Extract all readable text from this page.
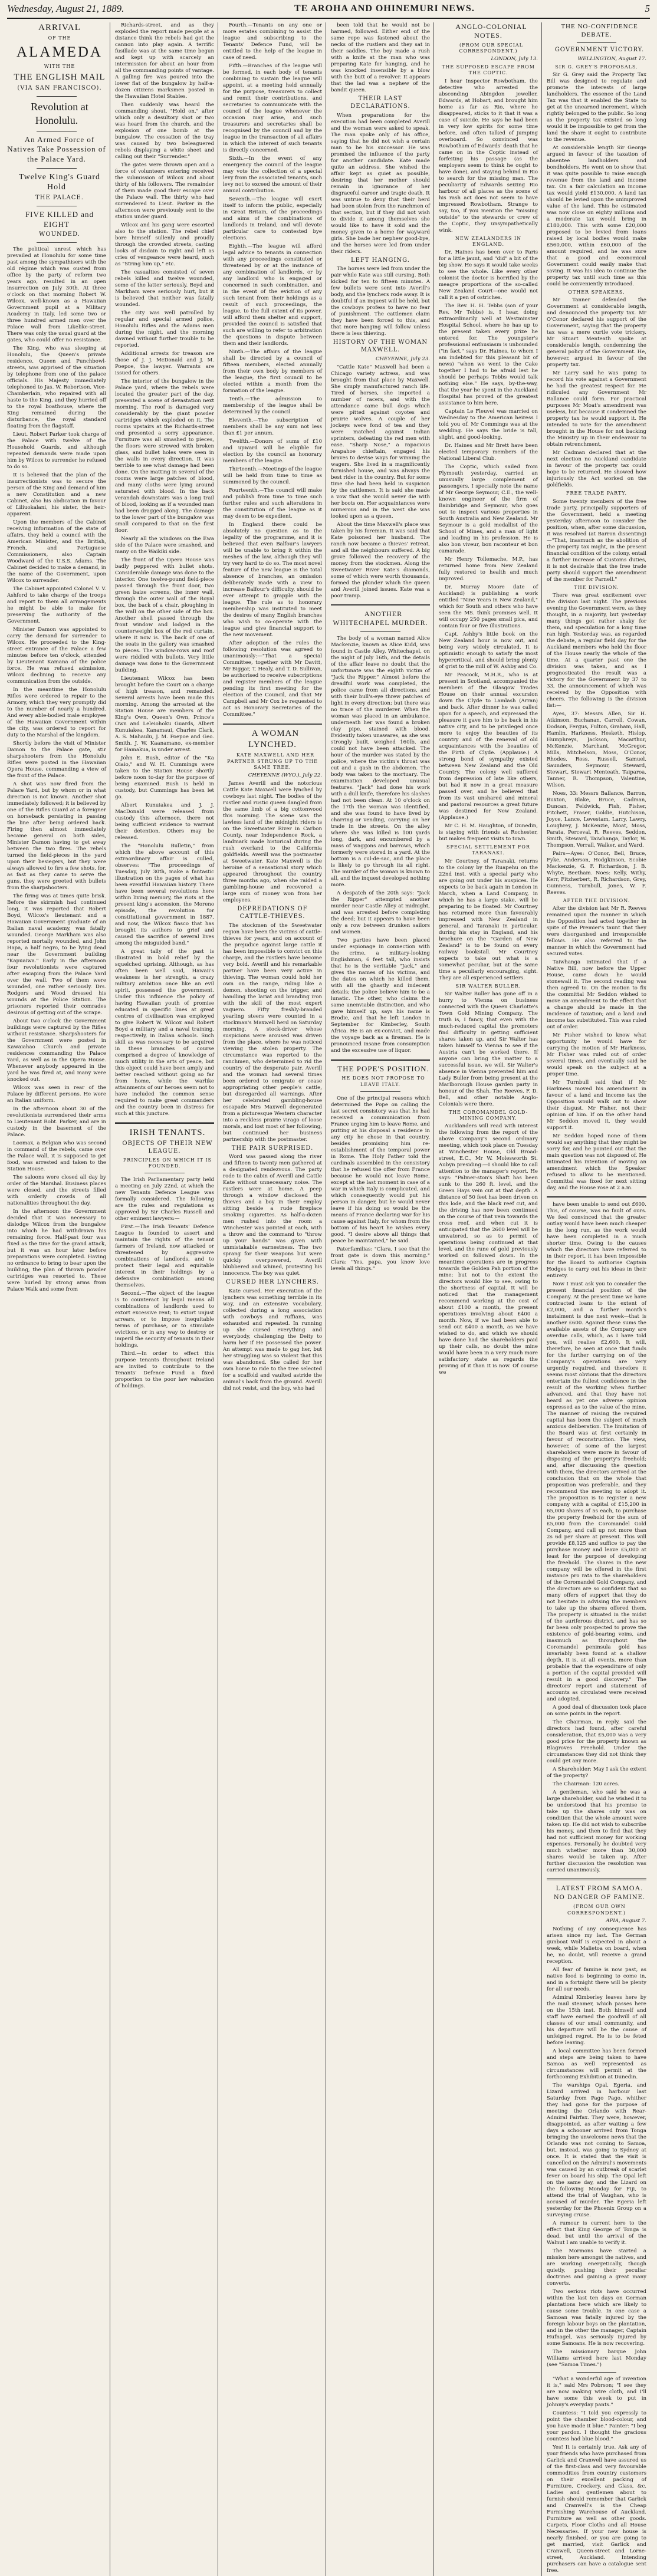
Wednesday, August 21, 1889.	TE AROHA AND OHINEMURI NEWS.	5

ARRIVAL

OF THE

ALAMEDA

WITH THE

THE ENGLISH MAIL

(VIA SAN FRANCISCO).

Revolution at Honolulu.

An Armed Force of Natives Take Possession of the Palace Yard.

Twelve King's Guard Hold

THE PALACE.

FIVE KILLED and EIGHT

WOUNDED.

The political unrest which has prevailed at Honolulu for some time past among the sympathisers with the old régime which was ousted from office by the party of reform two years ago, resulted in an open insurrection on July 30th. At three o'clock on that morning Robert W. Wilcox, well-known as a Hawaiian Government pupil at a Military Academy in Italy, led some two or three hundred armed men over the Palace wall from Likelike-street. There was only the usual guard at the gates, who could offer no resistance.

The King, who was sleeping at Honolulu, the Queen's private residence, Queen and Punchbowl-streets, was apprised of the situation by telephone from one of the palace officials. His Majesty immediately telephoned to Jas. W. Robertson, Vice-Chamberlain, who repaired with all haste to the King, and they hurried off to the royal boathouse, where the King remained during the disturbance, the royal standard floating from the flagstaff.

Lieut. Robert Parker took charge of the Palace with twelve of the Household Guards, and although repeated demands were made upon him by Wilcox to surrender he refused to do so.

It is believed that the plan of the insurrectionists was to secure the person of the King and demand of him a new Constitution and a new Cabinet, also his abdication in favour of Liliuokalani, his sister, the heir-apparent.

Upon the members of the Cabinet receiving information of the state of affairs, they held a council with the American Minister, and the British, French, and Portuguese Commissioners, also Captain Woodward of the U.S.S. Adams. The Cabinet decided to make a demand, in the name of the Government, upon Wilcox to surrender.

The Cabinet appointed Colonel V. V. Ashford to take charge of the troops and report to them all arrangements he might be able to make for preserving the authority of the Government.

Minister Damon was appointed to carry the demand for surrender to Wilcox. He proceeded to the King-street entrance of the Palace a few minutes before ten o'clock, attended by Lieutenant Kamana of the police force. He was refused admission, Wilcox declining to receive any communication from the outside.

In the meantime the Honolulu Rifles were ordered to repair to the Armory, which they very promptly did to the number of nearly a hundred. And every able-bodied male employee of the Hawaiian Government within the city, was ordered to report for duty to the Marshal of the kingdom.

Shortly before the visit of Minister Damon to the Palace gate, stir sharpshooters from the Honolulu Rifles were posted in the Hawaiian Opera House, commanding a view of the front of the Palace.

A shot was now fired from the Palace Yard, but by whom or in what direction is not known. Another shot immediately followed; it is believed by one of the Rifles Guard at a foreigner on horseback persisting in passing the line after being ordered back. Firing then almost immediately became general on both sides, Minister Damon having to get away between the two fires. The rebels turned the field-pieces in the yard upon their besiegers, but they were always allowed to fire a few shots, for, as fast as they came to serve the guns, they were greeted with bullets from the sharpshooters.

The firing was at times quite brisk. Before the skirmish had continued long, it was reported that Robert Boyd, Wilcox's lieutenant and a Hawaiian Government graduate of an Italian naval academy, was fatally wounded. George Markham was also reported mortally wounded, and John Hapa, a half negro, to be lying dead near the Government building "Kapuaiwa." Early in the afternoon four revolutionists were captured after escaping from the Palace Yard over the wall. Two of them were wounded, one rather seriously. Drs. Rodgers and Wood dressed his wounds at the Police Station. The prisoners reported their comrades desirous of getting out of the scrape.

About two o'clock the Government buildings were captured by the Rifles without resistance. Sharpshooters for the Government were posted in Kawaiahao Church and private residences commanding the Palace Yard, as well as in the Opera House. Whenever anybody appeared in the yard he was fired at, and many were knocked out.

Wilcox was seen in rear of the Palace by different persons. He wore an Italian uniform.

In the afternoon about 30 of the revolutionists surrendered their arms to Lieutenant Robt. Parker, and are in custody in the basement of the Palace.

Loomax, a Belgian who was second in command of the rebels, came over the Palace wall, it is supposed to get food, was arrested and taken to the Station House.

The saloons were closed all day by order of the Marshal. Business places were closed, and the streets filled with orderly crowds of all nationalities throughout the day.

In the afternoon the Government decided that it was necessary to dislodge Wilcox from the bungalow into which he had withdrawn his remaining force. Half-past four was fixed as the time for the grand attack, but it was an hour later before preparations were completed. Having no ordnance to bring to bear upon the building, the plan of thrown powder cartridges was resorted to. These were hurled by strong arms from Palace Walk and some from

Richards-street, and as they exploded the report made people at a distance think the rebels had got the cannon into play again. A terrific fusillade was at the same time begun and kept up with scarcely an intermission for about an hour from all the commanding points of vantage. A galling fire was poured into the lower flat of the bungalow by half-a-dozen citizens marksmen posted in the Hawaiian Hotel Stables.

Then suddenly was heard the commanding shout, "Hold on," after which only a desultory shot or two was heard from the church, and the explosion of one bomb at the bungalow. The cessation of the tray was caused by two beleaguered rebels displaying a white sheet and calling out their "Surrender."

The gates were thrown open and a force of volunteers entering received the submission of Wilcox and about thirty of his followers. The remainder of them made good their escape over the Palace wall. The thirty who had surrendered to Lieut. Parker in the afternoon were previously sent to the station under guard.

Wilcox and his gang were escorted also to the station. The rebel chief bore himself sullenly and proudly through the crowded streets, casting looks of disdain to right and left as cries of vengeance were heard, such as "String him up," etc.

The casualties consisted of seven rebels killed and twelve wounded, some of the latter seriously. Boyd and Markham were seriously hurt, but it is believed that neither was fatally wounded.

The city was well patrolled by regular and special armed police, Honolulu Rifles and the Adams men during the night, and the morning dawned without further trouble to be reported.

Additional arrests for treason are those of J. J. McDonald and J. M. Poepoe, the lawyer. Warrants are issued for others.

The interior of the bungalow in the Palace yard, where the rebels were located the greater part of the day, presented a scene of devastation next morning. The roof is damaged very considerably by the giant powder cartridges which exploded on it. The rooms upstairs at the Richards-street end presented a sorry appearance. Furniture was all smashed to pieces, the floors were strewed with broken glass, and bullet holes were seen in the walls in every direction. It was terrible to see what damage had been done. On the matting in several of the rooms were large patches of blood, and many cloths were lying around saturated with blood. In the back verandah downstairs was a long trail of blood, looking as if a wounded man had been dragged along. The damage to the lower part of the bungalow was small compared to that on the first floor.

Nearly all the windows on the Ewa side of the Palace were smashed, and many on the Waikiki side.

The front of the Opera House was badly peppered with bullet shots. Considerable damage was done to the interior. One twelve-pound field-piece passed through the front door, two green baize screens, the inner wall, through the outer wall of the Royal box, the back of a chair, ploughing in the wall on the other side of the box. Another shell passed through the front window and lodged in the counterweight box of the red curtain, where it now is. The back of one of the seats in the gallery was smashed to pieces. The window-rows and roof were riddled with bullets. Very little damage was done to the Government building.

Lieutenant Wilcox has been brought before the Court on a charge of high treason, and remanded. Several arrests have been made this morning. Among the arrested at the Station House are members of the King's Own, Queen's Own, Prince's Own and Leleiohoku Guards, Albert Kunuiakea, Kanamaui, Charles Clark, A. S. Mahaulu, J. M. Poepoe and Geo. Smith. J. W. Kaanamano, ex-member for Hamakua, is under arrest.

John E. Bush, editor of the "Ka Oiaio," and W. H. Cummings were taken to the Station House shortly before noon to-day for the purpose of being examined. Bush is held in custody, but Cummings has been let go.

Albert Kunuiakea and J. J. MacDonald were released from custody this afternoon, there not being sufficient evidence to warrant their detention. Others may be released.

The "Honolulu Bulletin," from which the above account of this extraordinary affair is culled, observes: "The proceedings of Tuesday, July 30th, make a fantastic illustration on the pages of what has been eventful Hawaiian history. There have been several revolutions here within living memory, the riots at the present king's accession, the Moreno episode, the revolution for constitutional government in 1887, and now, the Wilcox fiasco that has brought its authors to grief and caused the sacrifice of several lives among the misguided band."

A great tally of the past is illustrated in bold relief by the squelched uprising. Although, as has often been well said, Hawaii's weakness is her strength, a crazy military ambition once like an evil spirit, possessed the government. Under this influence the policy of having Hawaiian youth of promise educated in specific lines at great centres of civilisation was employed to give Robert W. Wilcox and Robert Boyd a military and a naval training, respectively, in Italian schools. Such skill as was necessary to be acquired in these branches of course comprised a degree of knowledge of much utility in the arts of peace, but this object could have been amply and better reached without going so far from home, while the warlike attainments of our heroes seem not to have included the common sense required to make great commanders and the country been in distress for such at this juncture.

IRISH TENANTS.

OBJECTS OF THEIR NEW LEAGUE.

PRINCIPLES ON WHICH IT IS FOUNDED.

The Irish Parliamentary party held a meeting on July 22nd, at which the new Tenants Defence League was formally considered. The following are the rules and regulations as approved by Sir Charles Russell and other eminent lawyers:—

First.—The Irish Tenants' Defence League is founded to assert and maintain the rights of the tenant farmers of Ireland, now attacked or threatened by aggressive combinations of landlords, and to protect their legal and equitable interest in their holdings by a defensive combination among themselves.

Second.—The object of the league is to counteract by legal means all combinations of landlords used to extort excessive rent; to extort unjust arrears, or to impose inequitable terms of purchase, or to stimulate evictions, or in any way to destroy or imperil the security of tenants in their holdings.

Third.—In order to effect this purpose tenants throughout Ireland are invited to contribute to the Tenants' Defence Fund a fixed proportion to the poor law valuation of holdings.

Fourth.—Tenants on any one or more estates combining to assist the league and subscribing to the Tenants' Defence Fund, will be entitled to the help of the league in case of need.

Fifth.—Branches of the league will be formed, in each body of tenants combining to sustain the league will appoint, at a meeting held annually for the purpose, treasurers to collect and remit their contributions, and secretaries to communicate with the council of the league whenever the occasion may arise, and such treasurers and secretaries shall be recognised by the council and by the league in the transaction of all affairs in which the interest of such tenants is directly concerned.

Sixth.—In the event of any emergency the council of the league may vote the collection of a special levy from the associated tenants, such levy not to exceed the amount of their annual contribution.

Seventh.—The league will exert itself to inform the public, especially in Great Britain, of the proceedings and aims of the combinations of landlords in Ireland, and will devote particular care to contested bye elections.

Eighth.—The league will afford legal advice to tenants in connection with any proceedings constituted or threatened by or at the instance of any combination of landlords, or by any landlord who is engaged or concerned in such combination, and in the event of the eviction of any such tenant from their holdings as a result of such proceedings, the league, to the full extent of its power, will afford them shelter and support, provided the council is satisfied that such are willing to refer to arbitration the questions in dispute between them and their landlords.

Ninth.—The affairs of the league shall be directed by a council of fifteen members, elected annually from their own body by members of the league, the first council to be elected within a month from the formation of the league.

Tenth.—The admission to membership of the league shall be determined by the council.

Eleventh.—The subscription of members shall be any sum not less than £1 per annum.

Twelfth.—Donors of sums of £10 and upward will be eligible for election by the council as honorary members of the league.

Thirteenth.—Meetings of the league will be held from time to time as summoned by the council.

Fourteenth.—The council will make and publish from time to time such further rules and such alterations in the constitution of the league as it may deem to be expedient.

In England there could be absolutely no question as to the legality of the programme, and it is believed that even Balfour's lawyers will be unable to bring it within the meshes of the law, although they will try very hard to do so. The most novel feature of the new league is the total absence of branches, an omission deliberately made with a view to increase Balfour's difficulty, should he ever attempt to grapple with the league. The rule as to honorary membership was instituted to meet the desires of many English branches who wish to co-operate with the league and give financial support to the new movement.

After adoption of the rules the following resolution was agreed to unanimously:—"That a special Committee, together with Mr Davitt, Mr Biggar, T. Healy, and T. D. Sullivan, be authorised to receive subscriptions and register members of the league pending its first meeting for the election of the Council, and that Mr Campbell and Mr Cox be requested to act as Honorary Secretaries of the Committee."

A WOMAN LYNCHED.

KATE MAXWELL AND HER PARTNER STRUNG UP TO THE SAME TREE.

CHEYENNE (WYO.), July 22.

James Averill and the notorious Cattle Kate Maxwell were lynched by cowboys last night. The bodies of the rustler and rustic queen dangled from the same limb of a big cottonwood this morning. The scene was the lawless land of the midnight riders is on the Sweetwater River in Carbon County, near Independence Rock, a landmark made historical during the rush overland to the California goldfields. Averill was the postmaster at Sweetwater. Kate Maxwell is the heroine of a sensational story which appeared throughout the country three months ago, when she raided a gambling-house and recovered a large sum of money won from her employees.

DEPREDATIONS OF CATTLE-THIEVES.

The stockmen of the Sweetwater region have been the victims of cattle-thieves for years, and on account of the prejudice against large cattle it has been impossible to convict on this charge, and the rustlers have become very bold. Averill and his remarkable partner have been very active in thieving. The woman could hold her own on the range, riding like a demon, shooting on the trigger, and handling the lariat and branding iron with the skill of the most expert vaquero. Fifty freshly-branded yearling steers were counted in a stockman's Maxwell herd on Saturday morning. A stock-driver whose suspicions were aroused was driven from the place, where he was noticed viewing the stolen property. The circumstance was reported to the ranchmen, who determined to rid the country of the desperate pair. Averill and the woman had several times been ordered to emigrate or cease appropriating other people's cattle, but disregarded all warnings. After her celebrated gambling-house escapade Mrs Maxwell degenerated from a picturesque Western character into a reckless prairie virago of loose morals, and lost most of her following, but continued her business partnership with the postmaster.

THE PAIR SURPRISED.

Word was passed along the river and fifteen to twenty men gathered at a designated rendezvous. The party rode to the cabin of Averill and Cattle Kate without unnecessary noise. The rustlers were at home. A peep through a window disclosed the thieves and a boy in their employ sitting beside a rude fireplace smoking cigarettes. As half-a-dozen men rushed into the room a Winchester was pointed at each, with a throw and the command to "throw up your hands" was given with unmistakable earnestness. The two sprang for their weapons but were quickly overpowered, Averill blubbered and whined, protesting his innocence. The boy was quiet.

CURSED HER LYNCHERS.

Kate cursed. Her execration of the lynchers was something terrible in its way, and an extensive vocabulary, collected during a long association with cowboys and ruffians, was exhausted and repeated. In running up she cursed everything and everybody, challenging the Deity to harm her if He possessed the power. An attempt was made to gag her, but her struggling was so violent that this was abandoned. She called for her own horse to ride to the tree selected for a scaffold and vaulted astride the animal's back from the ground. Averill did not resist, and the boy, who had

been told that he would not be harmed, followed. Either end of the same rope was fastened about the necks of the rustlers and they sat in their saddles. The boy made a rush with a knife at the man who was preparing Kate for hanging, and he was knocked insensible by a blow with the butt of a revolver. It appears that the lad was a nephew of the bandit queen.

THEIR LAST DECLARATIONS.

When preparations for the execution had been completed Averill and the woman were asked to speak. The man spoke only of his office, saying that he did not wish a certain man to be his successor. He was promised the influence of the party for another candidate. Kate made quite an address. She wished the affair kept as quiet as possible, desiring that her mother should remain in ignorance of her disgraceful career and tragic death. It was untrue to deny that their herd had been stolen from the ranchmen of that section, but if they did not wish to divide it among themselves she would like to have it sold and the money given to a home for wayward girls. She bade her nephew good-bye, and the horses were led from under their riders.

LEFT HANGING.

The horses were led from under the pair while Kate was still cursing. Both kicked for ten to fifteen minutes. A few bullets were sent into Averill's body, and the lynchers rode away. It is doubtful if an inquest will be held, but the cowboys profess to have no fear of punishment. The cattlemen claim they have been forced to this, and that more hanging will follow unless there is less thieving.

HISTORY OF THE WOMAN MAXWELL.

CHEYENNE, July 23.

"Cattle Kate" Maxwell had been a Chicago variety actress, and was brought from that place by Maxwell. She simply manufactured ranch life. Tired of horses, she imported a number of racers, and with the attendance came bull dogs which were pitted against coyotes and prairie wolves. A couple of her jockeys were fond of tea and they were matched against Indian sprinters, defeating the red men with ease. "Sharp Nose," a rapacious Arapahoe chieftain, engaged his braves to devise ways for winning the wagers. She lived in a magnificently furnished house, and was always the best rider in the country. But for some time she had been held in suspicion by the cattlemen. It is said she made a vow that she would never die with her boots on. Her acquaintances were numerous and in the west she was looked upon as a queen.

About the time Maxwell's place was taken by his foreman. It was said that Kate poisoned her husband. The ranch now became a thieves' retreat, and all the neighbours suffered. A big grove followed the recovery of the money from the stockmen. Along the Sweetwater River Kate's diamonds, some of which were worth thousands, formed the plunder which the queen and Averill joined issues. Kate was a poor tramp.

ANOTHER WHITECHAPEL MURDER.

The body of a woman named Alice Mackenzie, known as Alice Kidd, was found in Castle Alley, Whitechapel, on the night of July 16th, and the details of the affair leave no doubt that the unfortunate was the eighth victim of "Jack the Ripper." Almost before the dreadful work was completed, the police came from all directions, and with their bull's-eye threw patches of light in every direction; but there was no trace of the murderer. When the woman was placed in an ambulance, underneath her was found a broken clay pipe, stained with blood. Evidently taken unawares, as she was strongly built, weighed 160lb, and could not have been attacked. The hour of the murder was stated by the police, where the victim's throat was cut and a gash in the abdomen. The body was taken to the mortuary. The examination developed unusual features. "Jack" had done his work with a dull knife, therefore his slashes had not been clean. At 10 o'clock on the 17th the woman was identified, and she was found to have lived by charring or vending, carrying on her trade in the streets. On the alley where she was killed is 100 yards long, dark, and encumbered by a mass of waggons and barrows, which formerly were stored in a yard. At the bottom is a cul-de-sac, and the place is likely to go through its all right. The murder of the woman is known to all, and the inquest developed nothing more.

A despatch of the 20th says: "Jack the Ripper" attempted another murder near Castle Alley at midnight, and was arrested before completing the deed; but it appears to have been only a row between drunken sailors and women.

Two parties have been placed under espionage in connection with the crime, a military-looking Englishman, 6 feet tall, who insists that he is the veritable "Jack," and gives the names of his victims, and the dates on which he killed them, with all the ghastly and indecent details; the police believe him to be a lunatic. The other, who claims the same unenviable distinction, and who gave himself up, says his name is Brodie, and that he left London in September for Kimberley, South Africa. He is an ex-convict, and made the voyage back as a fireman. He is pronounced insane from consumption and the excessive use of liquor.

THE POPE'S POSITION.

HE DOES NOT PROPOSE TO LEAVE ITALY.

One of the principal reasons which determined the Pope on calling the last secret consistory was that he had received a communication from France urging him to leave Rome, and putting at his disposal a residence in any city he chose in that country, besides promising him re-establishment of the temporal power in Rome. The Holy Father told the cardinals assembled in the consistory that he refused the offer from France because he would not leave Rome, except at the last moment in case of a war in which Italy is complicated, and which consequently would put his person in danger, but he would never leave if his doing so would be the means of France declaring war for his cause against Italy, for whom from the bottom of his heart he wishes every good. "I desire above all things that peace be maintained," he said.

Paterfamilias: "Clara, I see that the front gate is down this morning." Clara: "Yes, papa, you know love levels all things."

ANGLO-COLONIAL NOTES.

(FROM OUR SPECIAL CORRESPONDENT.)

LONDON, July 13.

THE SUPPOSED ESCAPE FROM THE COPTIC.

I hear Inspector Rowbotham, the detective who arrested the absconding Abingdon jeweller, Edwards, at Hobart, and brought him home as far as Rio, where he disappeared, sticks to it that it was a case of suicide. He says he had been in very low spirits for some time before, and often talked of jumping overboard. So convinced was Rowbotham of Edwards' death that he came on in the Coptic instead of forfeiting his passage (as the employers seem to think he ought to have done), and staying behind in Rio to search for the missing man. The peculiarity of Edwards seizing Rio harbour of all places as the scene of his rash act does not seem to have impressed Rowbotham. Strange to say, too, if you mention the "missing outside" to the stewards or crew of the Coptic, they unsympathetically wink.

NEW ZEALANDERS IN ENGLAND.

Dr. Haines has been over to Paris for a little jaunt, and "did" a bit of the big show. He says it would take weeks to see the whole. Like every other colonist the doctor is horrified by the meagre proportions of the so-called New Zealand Court—one would not call it a pen of ostriches.

The Rev. H. H. Tebbs (son of your Rev. Mr Tebbs) is, I hear, doing extraordinarily well at Westminster Hospital School, where he has up to the present taken every prize he entered for. The youngster's professional enthusiasm is unbounded ("in fact," says Dr. Haines, to whom I am indebted for this pleasant bit of news) "when we went to the Cake together I had to be afraid lest he should be perhaps Tebbs would talk nothing else." He says, by-the-way, that the year he spent in the Auckland Hospital has proved of the greatest assistance to him here.

Captain Le Fleuvel was married on Wednesday to the American heiress I told you of. Mr Commings was at the wedding. He says the bride is tall, slight, and good-looking.

Dr. Haines and Mr Brett have been elected temporary members of the National Liberal Club.

The Coptic, which sailed from Plymouth yesterday, carried an unusually large complement of passengers. I specially note the name of Mr George Seymour, C.E., the well-known engineer of the firm of Bainbridge and Seymour, who goes out to inspect various properties in South Australia and New Zealand. Mr Seymour is a gold medallist of the School of Mines, and a man of light and leading in his profession. He is also bon viveur, bon raconteur et bon camarade.

Mr Henry Tollemache, M.P., has returned home from New Zealand fully restored to health and much improved.

Dr. Murray Moore (late of Auckland) is publishing a work entitled "Nine Years in New Zealand," which for South and others who have seen the MS. think promises well. It will occupy 250 pages small pica, and contain four or five illustrations.

Capt. Ashby's little book on the New Zealand hour is now out, and being very widely circulated. It is optimistic enough to satisfy the most hypercritical, and should bring plenty of grist to the mill of W. Ashby and Co.

Mr Peacock, M.H.R., who is at present in Scotland, accompanied the members of the Glasgow Trades House on their annual excursion down the Clyde to Lamlash (Arran) and back. After dinner he was called upon for a speech, and expressed the pleasure it gave him to be back in his native city, and to be privileged once more to enjoy the beauties of its country and of the renewal of old acquaintances with the beauties of the Firth of Clyde. (Applause.) A strong bond of sympathy existed between New Zealand and the Old Country. The colony well suffered from depression of late like others, but had it now in a great measure passed over, and he believed that from its vast unshared and mineral and pastoral resources a great future was destined for New Zealand. (Applause.)

Mr C. H. M. Haughton, of Dunedin, is staying with friends at Rochester, but makes frequent visits to town.

SPECIAL SETTLEMENT FOR TARANAKI.

Mr Courtney, of Taranaki, returns to the colony by the Ruapehu on the 22nd inst. with a special party who are going out under his auspices. He expects to be back again in London in March, when a Land Company, in which he has a large stake, will be preparing to be floated. Mr Courtney has returned more than favourably impressed with New Zealand in general, and Taranaki in particular, during his stay in England, and his brochure on the "Garden of New Zealand" is to be found on every railway bookstall. Mr Courtney expects to take out what is a somewhat peculiar, but at the same time a peculiarly encouraging, sight. They are all experienced settlers.

SIR WALTER BULLER.

Sir Walter Buller has gone off in a hurry to Vienna on business connected with the Queen Charlotte's Town Gold Mining Company. The truth is, I fancy, that even with the much-reduced capital the promoters find difficulty in getting sufficient shares taken up, and Sir Walter has taken himself to Vienna to see if the Austria can't be worked there. If anyone can bring the matter to a successful issue, we will. Sir Walter's absence in Vienna prevented him and Lady Buller from being present at the Marlborough House garden party in honour of the Shah. The Reeves, F. D. Bell, and other notable Anglo-Colonials were there.

THE COROMANDEL GOLD-MINING COMPANY.

Aucklanders will read with interest the following from the report of the above Company's second ordinary meeting, which took place on Tuesday at Winchester House, Old Broad-street, E.C., Mr W. Molesworth St. Aubyn presiding:—I should like to call attention to the manager's report. He says: "Palmer-ston's Shaft has been sunk to the 260 ft. level, and the Green Hays vein cut at that depth. A distance of 50 feet has been driven on this lode, and the black reef cut, and the driving has now been continued on the course of that vein towards the cross reef, and when cut it is anticipated that the 2600 level will be unwatered, so as to permit of operations being continued at that level, and the rune of gold previously worked on followed down. In the meantime operations are in progress towards the Golden Pah portion of the mine; but not to the extent the directors would like to see, owing to the shortness of capital. It will be noticed that the management recommend working at the cost of about £100 a month, the present operations involving about £400 a month. Now, if we had been able to send out £400 a month, as we have wished to do, and which we should have done had the shareholders paid up their calls, no doubt the mine would have been in a very much more satisfactory state as regards the proving of it than it is now. Of course we

THE NO-CONFIDENCE DEBATE.

GOVERNMENT VICTORY.

WELLINGTON, August 17.

SIR G. GREY'S PROPOSALS.

Sir G. Grey said the Property Tax Bill was designed to regulate and promote the interests of large landholders. The essence of the Land Tax was that it enabled the State to get at the unearned increment, which rightly belonged to the public. So long as the property tax existed so long would it be impossible to get from the land the share it ought to contribute to the revenue.

At considerable length Sir George argued in favour of the taxation of absentee landholders and bondholders. He went on to show that it was quite possible to raise enough revenue from the land and income tax. On a fair calculation an income tax would yield £130,000. A land tax should be levied upon the unimproved value of the land. This he estimated was now close on eighty millions and a moderate tax would bring in £180,000. This with some £20,000 proposed to be levied from loans raised by local bodies would make £560,000, within £60,000 of the amount required, and he was sure that a good and economical Government could easily make that saving. It was his idea to continue the property tax until such time as this could be conveniently introduced.

OTHER SPEAKERS.

Mr Tanner defended the Government at considerable length, and denounced the property tax. Mr O'Conor declared his support of the Government, saying that the property tax was a mere curtle vote trickery. Mr Stuart Menteath spoke at considerable length, condemning the general policy of the Government. He, however, argued in favour of the property tax.

Mr Larry said he was going to record his vote against a Government he had the greatest respect for. He ridiculed any Government Mr Ballance could form. For practical purposes Mr Moat's amendment was useless, but because it condemned the property tax he would support it. He intended to vote for the amendment brought in the House for not backing the Ministry up in their endeavour to obtain retrenchment.

Mr Cadman declared that at the next election no Auckland candidate in favour of the property tax could hope to be returned. He showed how injuriously the Act worked on the goldfields.

FREE TRADE PARTY.

Some twenty members of the free trade party, principally supporters of the Government, held a meeting yesterday afternoon to consider the position, when, after some discussion, it was resolved (at Barron dissenting)—"That, inasmuch as the abolition of the property tax might, in the present financial condition of the colony, entail a further increase of Customs duties, it is not desirable that the free trade party should support the amendment of the member for Parnell."

THE DIVISION.

There was great excitement over the division last night. The previous evening the Government were, as they thought, in a majority, but yesterday many things got rather shaky for them, and speculation for a long time ran high. Yesterday was, as regarded the debate, a regular field day for the Auckland members who held the floor of the House nearly the whole of the time. At a quarter past one the division was taken, and as I prognosticated the result was a victory for the Government by 37 to 33, the announcement of which was received by the Opposition with cheers. The following is the division list:—

Ayes, 37: Messrs Allen, Sir H. Atkinson, Buchanan, Carroll, Cowan, Dodson, Fergus, Fulton, Graham, Hall, Hamlin, Harkness, Hesketh, Hislop, Humphreys, Jackson, Macarthur, McKenzie, Marchant, McGregor, Mills, Mitchelson, Moss, O'Conor, Rhodes, Ross, Russell, Samuel, Saunders, Seymour, Steward, Stewart, Stewart Menteath, Taiparoa, Tanner, R. Thompson, Valentine, Wilson.

Noes, 33: Messrs Ballance, Barron, Buxton, Blake, Bruce, Cadman, Duncan, Feldwick, Fish, Fisher, Fitchett, Fraser, Goldie, Hutchison, Joyce, Lance, Levestam, Larry, Lawry, Loughrey, J. McKenzie, Moat, Moss, Parata, Perceval, R. Reeves, Seddon, Smith, Steward, Taiwhanga, Taylor, W. Thompson, Verrall, Walker, and Ward.

Pairs—Ayes: O'Conor, Bell, Bruce, Fyke, Anderson, Hodgkinson, Scobie Mackenzie, G. F. Richardson, J. B. Whyte, Beetham. Noes: Kelly, Withy, Kerr, Fitzherbert, R. Richardson, Grey, Guinness, Turnbull, Jones, W. F. Reeves.

AFTER THE DIVISION.

After the division last Mr R. Reeves remained upon the manner in which the Opposition had acted together in spite of the Premier's taunt that they were disorganised and irresponsible fellows. He also referred to the manner in which the Government had secured votes.

Taiwhanga intimated that if a Native Bill, now before the Upper House, came down he would stonewall it. The second reading was then agreed to. On the motion to fix the committal Mr Seddon wished to move an amendment to the effect that a change should be made in the incidence of taxation; and a land and income tax substituted. This was ruled out of order.

Mr Fisher wished to know what opportunity he would have for carrying the motion of Mr Harkness. Mr Fisher was ruled out of order several times, and eventually said he would speak on the subject at a proper time.

Mr Turnbull said that if Mr Harkness moved his amendment in favour of a land and income tax the Opposition would walk out to show their disgust. Mr Fisher, not their opinion of him. If on the other hand Mr Seddon moved it, they would support it.

Mr Seddon hoped none of them would say anything that they might be sorry for, and he pointed out that the main question was not disposed of. He intimated his intention of moving an amendment which the Speaker refused to allow to be mentioned. Committal was fixed for next sitting day, and the House rose at 2 a.m.

have been unable to send out £600. This, of course, was no fault of ours. We feel convinced that the greater outlay would have been much cheaper in the long run, as the work would have been completed in a much shorter time. Owing to the causes which the directors have referred to in their report, it has been impossible for the Board to authorise Captain Hodges to carry out his ideas in their entirety.

Now I must ask you to consider the present financial position of the Company. At the present time we have contracted loans to the extent of £2,000, and a further month's instalment is due next week—that is another £600. Against these sums the available assets of the Company are overdue calls, which, as I have told you, will realise £2,600. It will, therefore, be seen at once that funds for the further carrying on of the Company's operations are very urgently required, and therefore it seems most obvious that the directors entertain the fullest confidence in the result of the working when further advanced, and that they have not heard as yet one adverse opinion expressed as to the value of the mine. The manner of raising the required capital has been the subject of much anxious deliberation. The limitation of the Board was at first certainly in favour of reconstruction. The view, however, of some of the largest shareholders were more in favour of disposing of the property's freehold; and, after discussing the question with them, the directors arrived at the conclusion that on the whole that proposition was preferable, and they recommend the meeting to adopt it. The proposition is to register a new company with a capital of £15,200 in 65,000 shares of 5s each, to purchase the property freehold for the sum of £5,000 from the Coromandel Gold Company, and call up not more than 2s 6d per share at present. This will provide £8,125 and suffice to pay the purchase money and leave £5,000 at least for the purpose of developing the freehold. The shares in the new company will be offered in the first instance pro rata to the shareholders of the Coromandel Gold Company, and the directors are so confident that so many offers of support that they do not hesitate in advising the members to take up the shares offered them. The property is situated in the midst of the auriferous district, and has so far been only prospected to prove the existence of gold-bearing veins, and inasmuch as throughout the Coromandel peninsula gold has invariably been found at a shallow depth, it is, at all events, more than probable that the expenditure of only a portion of the capital provided will result in a good discovery." The directors' report and statement of accounts as circulated were received and adopted.

A good deal of discussion took place on some points in the report.

The Chairman, in reply, said the directors had found, after careful consideration, that £5,000 was a very good price for the property known as Blagroves Freehold. Under the circumstances they did not think they could get any more.

A Shareholder: May I ask the extent of the property?

The Chairman: 120 acres.

A gentleman, who said he was a large shareholder, said he wished it to be understood that his promise to take up the shares only was on condition that the whole amount were taken up. He did not wish to subscribe his money, and then to find that they had not sufficient money for working expenses. Personally he doubted very much whether more than 30,000 shares would be taken up. After further discussion the resolution was carried unanimously.

LATEST FROM SAMOA.

NO DANGER OF FAMINE.

(FROM OUR OWN CORRESPONDENT.)

APIA, August 7.

Nothing of any consequence has arisen since my last. The German gunboat Wolf is expected in about a week, while Malietoa on board, when he, no doubt, will receive a grand reception.

All fear of famine is now past, as native food is beginning to come in, and in a fortnight there will be plenty for all our needs.

Admiral Kimberley leaves here by the mail steamer, which passes here on the 15th inst. Both himself and staff have earned the goodwill of all classes of our small community, and his departure will be the cause of unfeigned regret. He is to be feted before leaving.

A local committee has been formed and steps are being taken to have Samoa as well represented as circumstances will permit at the forthcoming Exhibition at Dunedin.

The warships Opal, Egeria, and Lizard arrived in harbour last Saturday from Pago Pago, whither they had gone for the purpose of meeting the Orlando with Rear-Admiral Fairfax. They were, however, disappointed, as after waiting a few days a schooner arrived from Tonga bringing the unwelcome news that the Orlando was not coming to Samoa, but, instead, was going to Sydney at once. It is stated that the visit is cancelled on the Admiral's movements was caused by an outbreak of scarlet fever on board his ship. The Opal left on the same day, and the Lizard on the following Monday for Fiji, to attend the trial of Vaughan, who is accused of murder. The Egeria left yesterday for the Phoenix Group on a surveying cruise.

A rumour is current here to the effect that King George of Tonga is dead, but until the arrival of the Walnut I am unable to verify it.

The Mormons have started a mission here amongst the natives, and are working energetically, though quietly, pushing their peculiar doctrines and gaining a great many converts.

Two serious riots have occurred within the last ten days on German plantations here which are likely to cause some trouble. In one case a Samoan was fatally injured by the foreign labour boys on the plantation, and in the other the manager, Captain Hufnagel, was seriously injured by some Samoans. He is now recovering.

The missionary barque John Williams arrived here last Monday (see "Samoa Times.")

"What a wonderful age of invention it is," said Mrs Pobrson; "I see they are now making wire cloth, and I'll have some this week to put in Johnny's everyday pants."

Countess: "I told you expressly to point the chamber blood-colour, and you have made it blue." Painter: "I beg your pardon. I thought the gracious countess had blue blood."

Yes! It is certainly true. Ask any of your friends who have purchased from Garlick and Cranwell have assured us of the first-class and very favourable commodities from country customers on their excellent packing of Furniture, Crockery, and Glass, &c. Ladies and gentlemen about to furnish should remember that Garlick and Cranwell's is the Cheap Furnishing Warehouse of Auckland. Furniture as well as other goods. Carpets, Floor Cloths and all House Necessaries. If your new house is nearly finished, or you are going to get married, visit Garlick and Cranwell, Queen-street and Lorne-street, Auckland. Intending purchasers can have a catalogue sent free.
